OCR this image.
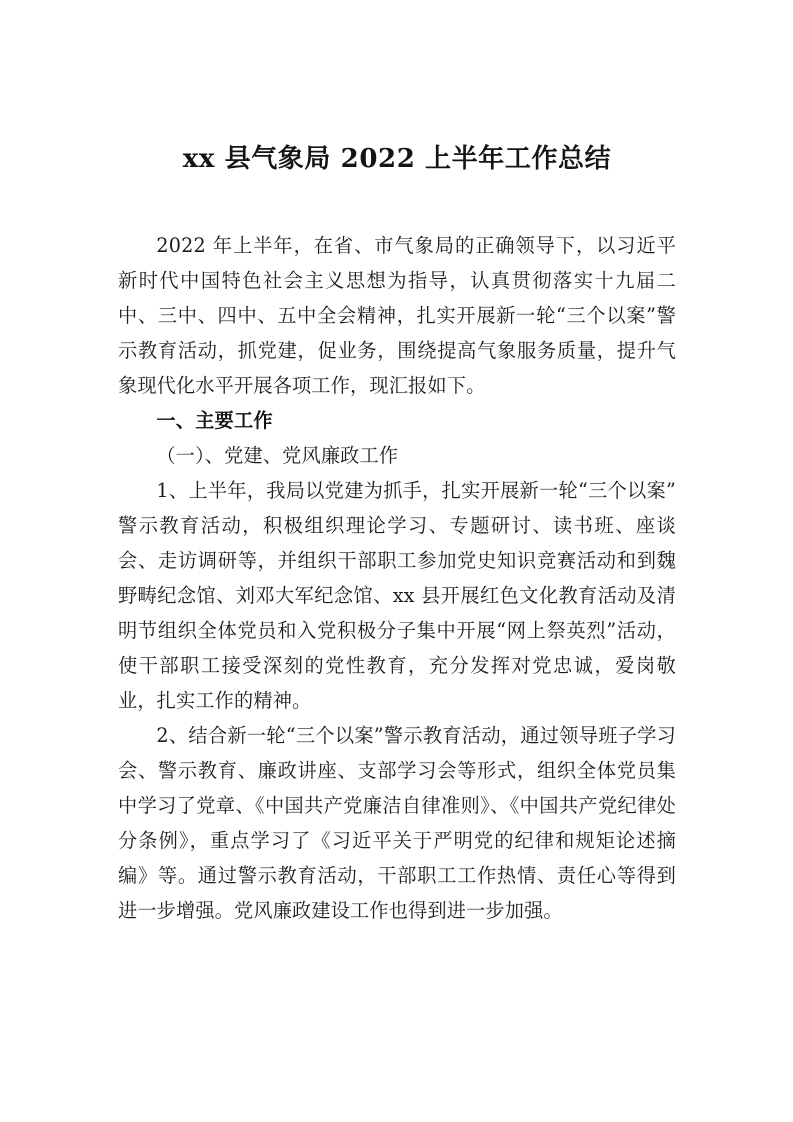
xx 县气象局 2022 上半年工作总结

2022 年上半年，在省、市气象局的正确领导下，以习近平新时代中国特色社会主义思想为指导，认真贯彻落实十九届二中、三中、四中、五中全会精神，扎实开展新一轮“三个以案”警示教育活动，抓党建，促业务，围绕提高气象服务质量，提升气象现代化水平开展各项工作，现汇报如下。

一、主要工作

（一）、党建、党风廉政工作

1、上半年，我局以党建为抓手，扎实开展新一轮“三个以案”警示教育活动，积极组织理论学习、专题研讨、读书班、座谈会、走访调研等，并组织干部职工参加党史知识竞赛活动和到魏野畴纪念馆、刘邓大军纪念馆、xx 县开展红色文化教育活动及清明节组织全体党员和入党积极分子集中开展“网上祭英烈”活动，使干部职工接受深刻的党性教育，充分发挥对党忠诚，爱岗敬业，扎实工作的精神。

2、结合新一轮“三个以案”警示教育活动，通过领导班子学习会、警示教育、廉政讲座、支部学习会等形式，组织全体党员集中学习了党章、《中国共产党廉洁自律准则》、《中国共产党纪律处分条例》，重点学习了《习近平关于严明党的纪律和规矩论述摘编》等。通过警示教育活动，干部职工工作热情、责任心等得到进一步增强。党风廉政建设工作也得到进一步加强。
